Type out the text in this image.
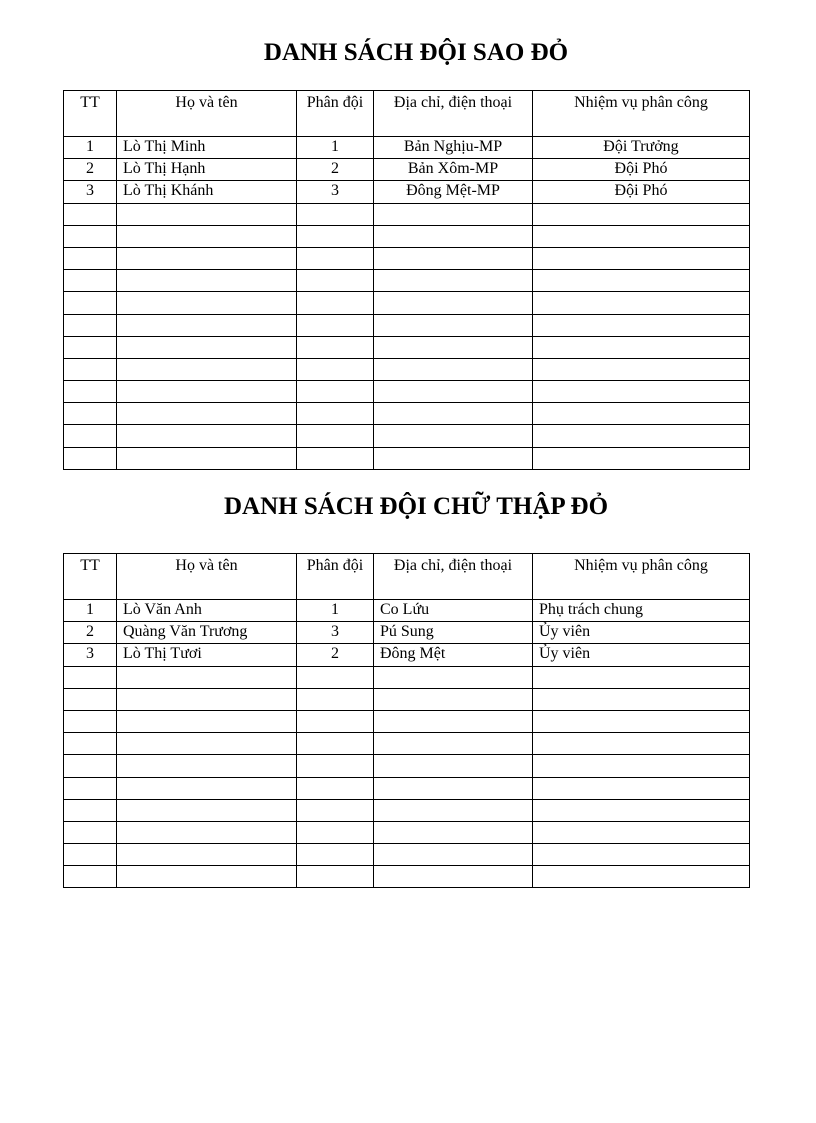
DANH SÁCH ĐỘI SAO ĐỎ
TT	Họ và tên	Phân đội	Địa chỉ, điện thoại	Nhiệm vụ phân công
1	Lò Thị Minh	1	Bản Nghịu-MP	Đội Trưởng
2	Lò Thị Hạnh	2	Bản Xôm-MP	Đội Phó
3	Lò Thị Khánh	3	Đông Mệt-MP	Đội Phó

DANH SÁCH ĐỘI CHỮ THẬP ĐỎ
TT	Họ và tên	Phân đội	Địa chỉ, điện thoại	Nhiệm vụ phân công
1	Lò Văn Anh	1	Co Lứu	Phụ trách chung
2	Quàng Văn Trương	3	Pú Sung	Ủy viên
3	Lò Thị Tươi	2	Đông Mệt	Ủy viên
